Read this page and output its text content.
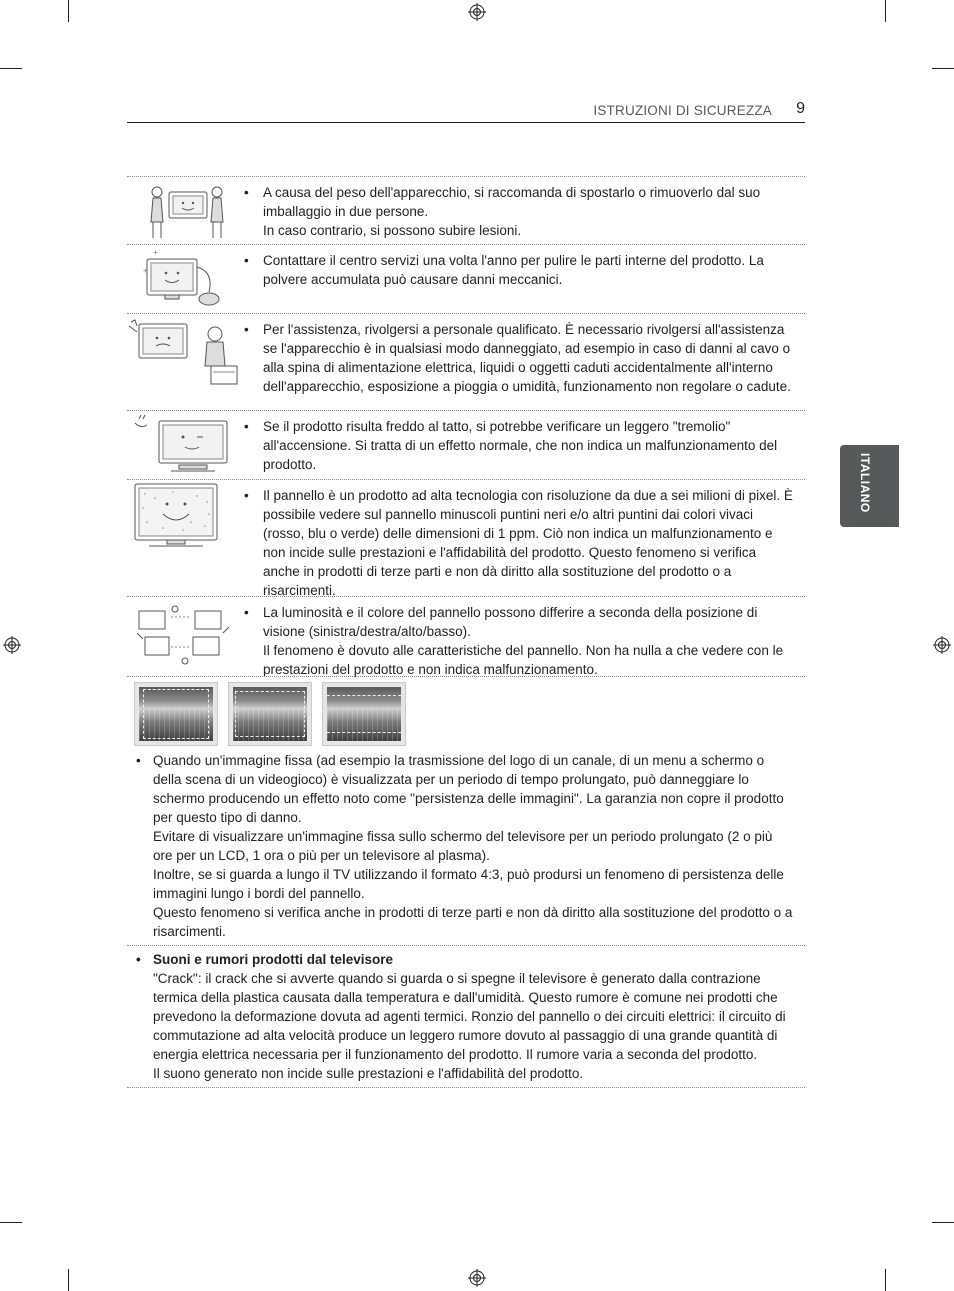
ISTRUZIONI DI SICUREZZA 9
ITALIANO
• A causa del peso dell'apparecchio, si raccomanda di spostarlo o rimuoverlo dal suo imballaggio in due persone.

In caso contrario, si possono subire lesioni.

+
+
• Contattare il centro servizi una volta l'anno per pulire le parti interne del prodotto. La polvere accumulata può causare danni meccanici.

• Per l'assistenza, rivolgersi a personale qualificato. È necessario rivolgersi all'assistenza se l'apparecchio è in qualsiasi modo danneggiato, ad esempio in caso di danni al cavo o alla spina di alimentazione elettrica, liquidi o oggetti caduti accidentalmente all'interno dell'apparecchio, esposizione a pioggia o umidità, funzionamento non regolare o cadute.

• Se il prodotto risulta freddo al tatto, si potrebbe verificare un leggero "tremolio" all'accensione. Si tratta di un effetto normale, che non indica un malfunzionamento del prodotto.

• Il pannello è un prodotto ad alta tecnologia con risoluzione da due a sei milioni di pixel. È possibile vedere sul pannello minuscoli puntini neri e/o altri puntini dai colori vivaci (rosso, blu o verde) delle dimensioni di 1 ppm. Ciò non indica un malfunzionamento e non incide sulle prestazioni e l'affidabilità del prodotto. Questo fenomeno si verifica anche in prodotti di terze parti e non dà diritto alla sostituzione del prodotto o a risarcimenti.

• La luminosità e il colore del pannello possono differire a seconda della posizione di visione (sinistra/destra/alto/basso).

Il fenomeno è dovuto alle caratteristiche del pannello. Non ha nulla a che vedere con le prestazioni del prodotto e non indica malfunzionamento.

• Quando un'immagine fissa (ad esempio la trasmissione del logo di un canale, di un menu a schermo o della scena di un videogioco) è visualizzata per un periodo di tempo prolungato, può danneggiare lo schermo producendo un effetto noto come "persistenza delle immagini". La garanzia non copre il prodotto per questo tipo di danno.

Evitare di visualizzare un'immagine fissa sullo schermo del televisore per un periodo prolungato (2 o più ore per un LCD, 1 ora o più per un televisore al plasma).

Inoltre, se si guarda a lungo il TV utilizzando il formato 4:3, può prodursi un fenomeno di persistenza delle immagini lungo i bordi del pannello.

Questo fenomeno si verifica anche in prodotti di terze parti e non dà diritto alla sostituzione del prodotto o a risarcimenti.

• Suoni e rumori prodotti dal televisore

"Crack": il crack che si avverte quando si guarda o si spegne il televisore è generato dalla contrazione termica della plastica causata dalla temperatura e dall'umidità. Questo rumore è comune nei prodotti che prevedono la deformazione dovuta ad agenti termici. Ronzio del pannello o dei circuiti elettrici: il circuito di commutazione ad alta velocità produce un leggero rumore dovuto al passaggio di una grande quantità di energia elettrica necessaria per il funzionamento del prodotto. Il rumore varia a seconda del prodotto.

Il suono generato non incide sulle prestazioni e l'affidabilità del prodotto.
